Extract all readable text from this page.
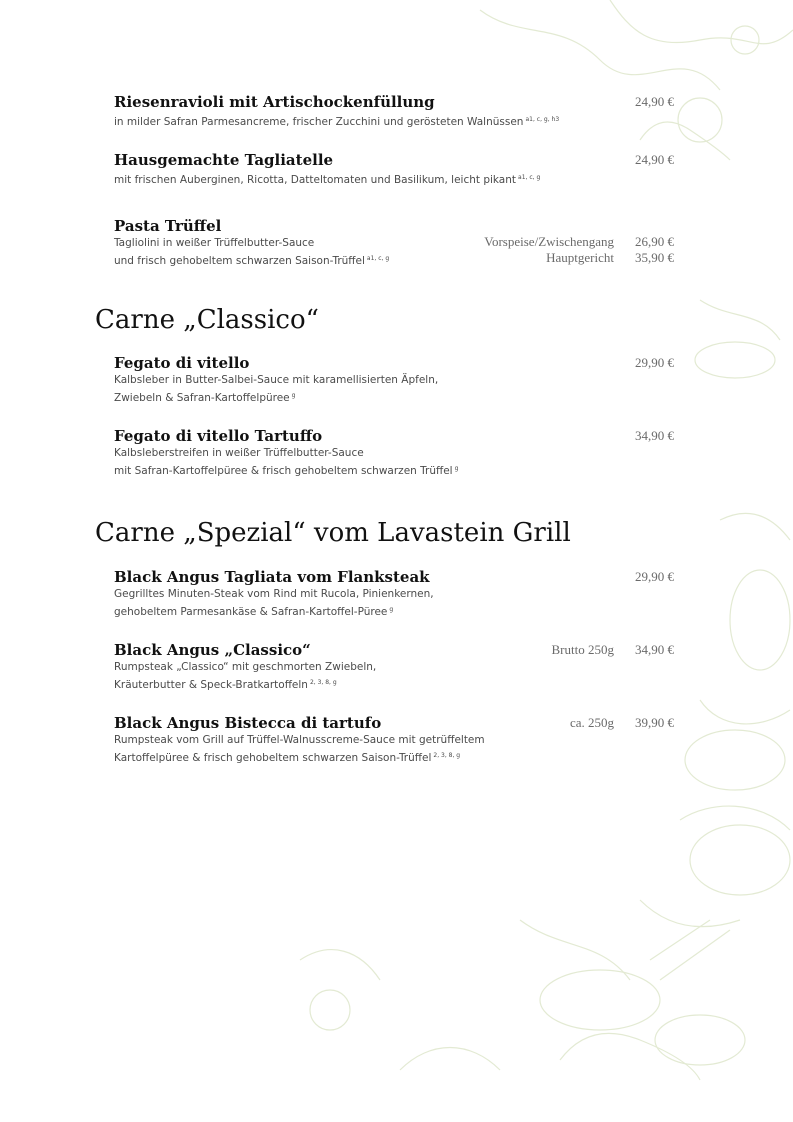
Riesenravioli mit Artischockenfüllung	24,90 €
in milder Safran Parmesancreme, frischer Zucchini und gerösteten Walnüssen $^{a1, c, g, h3}$
Hausgemachte Tagliatelle	24,90 €
mit frischen Auberginen, Ricotta, Datteltomaten und Basilikum, leicht pikant $^{a1, c, g}$
Pasta Trüffel
Tagliolini in weißer Trüffelbutter-Sauce
und frisch gehobeltem schwarzen Saison-Trüffel $^{a1, c, g}$
Vorspeise/Zwischengang 26,90 €
Hauptgericht 35,90 €
Carne „Classico“
Fegato di vitello	29,90 €
Kalbsleber in Butter-Salbei-Sauce mit karamellisierten Äpfeln,
Zwiebeln & Safran-Kartoffelpüree $^g$
Fegato di vitello Tartuffo	34,90 €
Kalbsleberstreifen in weißer Trüffelbutter-Sauce
mit Safran-Kartoffelpüree & frisch gehobeltem schwarzen Trüffel $^g$
Carne „Spezial“ vom Lavastein Grill
Black Angus Tagliata vom Flanksteak	29,90 €
Gegrilltes Minuten-Steak vom Rind mit Rucola, Pinienkernen,
gehobeltem Parmesankäse & Safran-Kartoffel-Püree $^g$
Black Angus „Classico“	Brutto 250g 34,90 €
Rumpsteak „Classico“ mit geschmorten Zwiebeln,
Kräuterbutter & Speck-Bratkartoffeln $^{2, 3, 8, g}$
Black Angus Bistecca di tartufo	ca. 250g 39,90 €
Rumpsteak vom Grill auf Trüffel-Walnusscreme-Sauce mit getrüffeltem
Kartoffelpüree & frisch gehobeltem schwarzen Saison-Trüffel $^{2, 3, 8, g}$
